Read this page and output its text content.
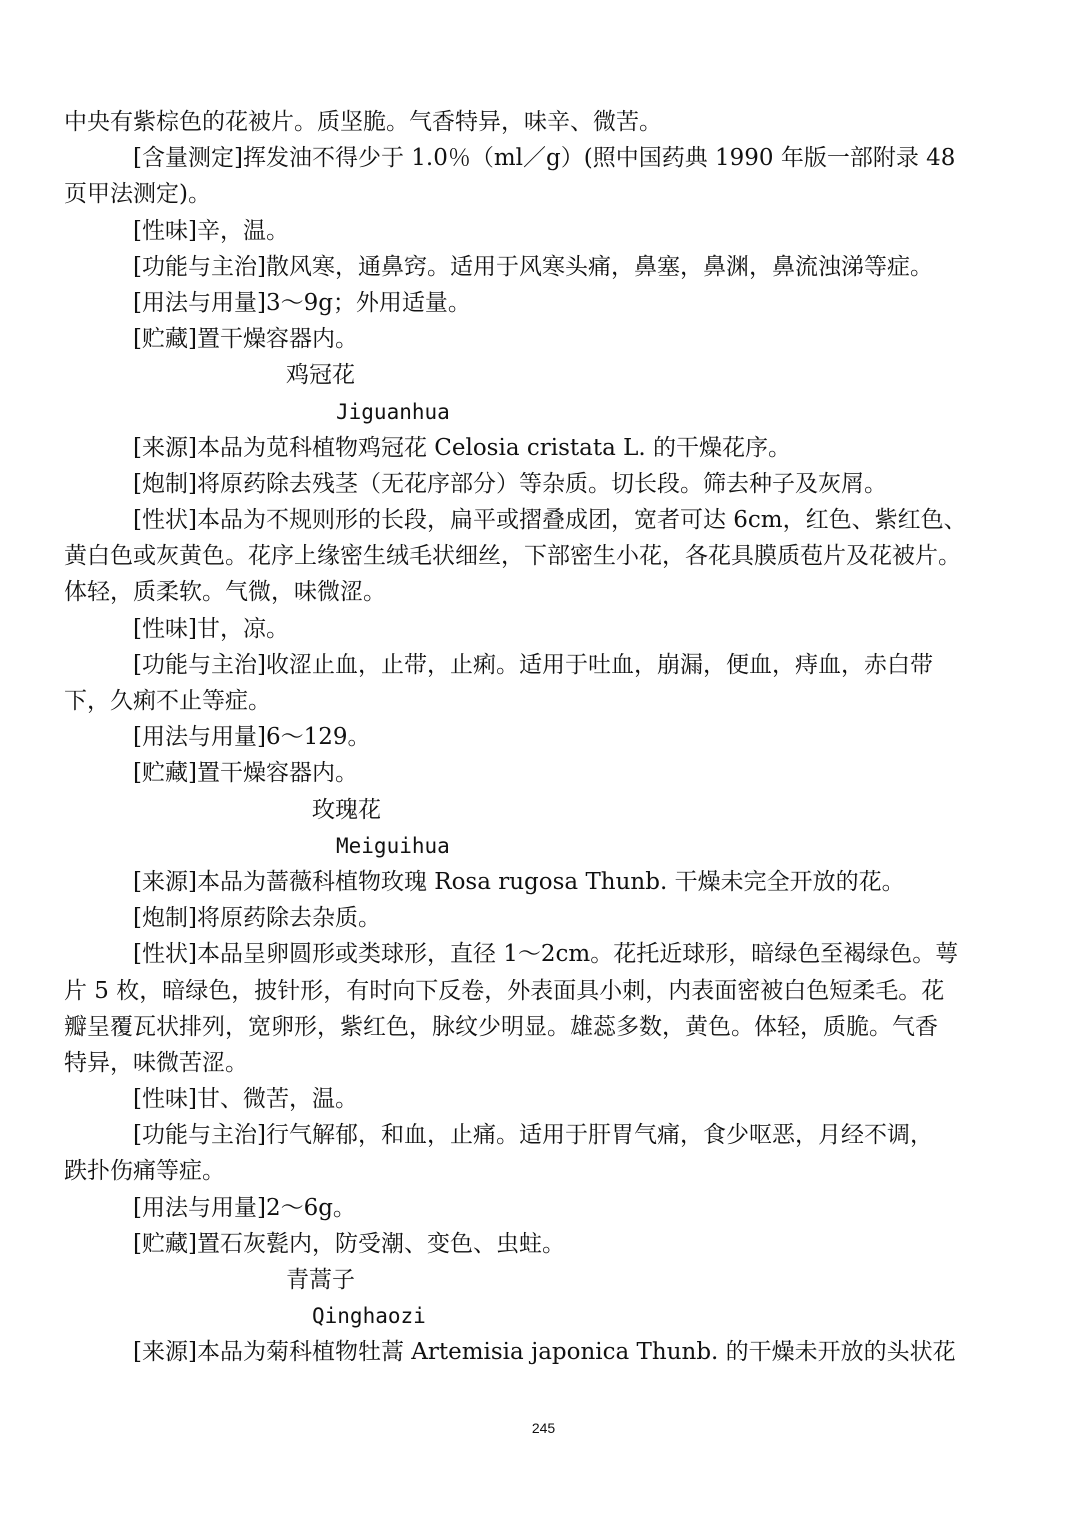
中央有紫棕色的花被片。质坚脆。气香特异，味辛、微苦。
[含量测定]挥发油不得少于 1.0％（ml／g）(照中国药典 1990 年版一部附录 48
页甲法测定)。
[性味]辛，温。
[功能与主治]散风寒，通鼻窍。适用于风寒头痛，鼻塞，鼻渊，鼻流浊涕等症。
[用法与用量]3～9g；外用适量。
[贮藏]置干燥容器内。
鸡冠花
Jiguanhua
[来源]本品为苋科植物鸡冠花 Celosia cristata L. 的干燥花序。
[炮制]将原药除去残茎（无花序部分）等杂质。切长段。筛去种子及灰屑。
[性状]本品为不规则形的长段，扁平或摺叠成团，宽者可达 6cm，红色、紫红色、
黄白色或灰黄色。花序上缘密生绒毛状细丝，下部密生小花，各花具膜质苞片及花被片。
体轻，质柔软。气微，味微涩。
[性味]甘，凉。
[功能与主治]收涩止血，止带，止痢。适用于吐血，崩漏，便血，痔血，赤白带
下，久痢不止等症。
[用法与用量]6～129。
[贮藏]置干燥容器内。
玫瑰花
Meiguihua
[来源]本品为蔷薇科植物玫瑰 Rosa rugosa Thunb. 干燥未完全开放的花。
[炮制]将原药除去杂质。
[性状]本品呈卵圆形或类球形，直径 1～2cm。花托近球形，暗绿色至褐绿色。萼
片 5 枚，暗绿色，披针形，有时向下反卷，外表面具小刺，内表面密被白色短柔毛。花
瓣呈覆瓦状排列，宽卵形，紫红色，脉纹少明显。雄蕊多数，黄色。体轻，质脆。气香
特异，味微苦涩。
[性味]甘、微苦，温。
[功能与主治]行气解郁，和血，止痛。适用于肝胃气痛，食少呕恶，月经不调，
跌扑伤痛等症。
[用法与用量]2～6g。
[贮藏]置石灰甏内，防受潮、变色、虫蛀。
青蒿子
Qinghaozi
[来源]本品为菊科植物牡蒿 Artemisia japonica Thunb. 的干燥未开放的头状花
245
